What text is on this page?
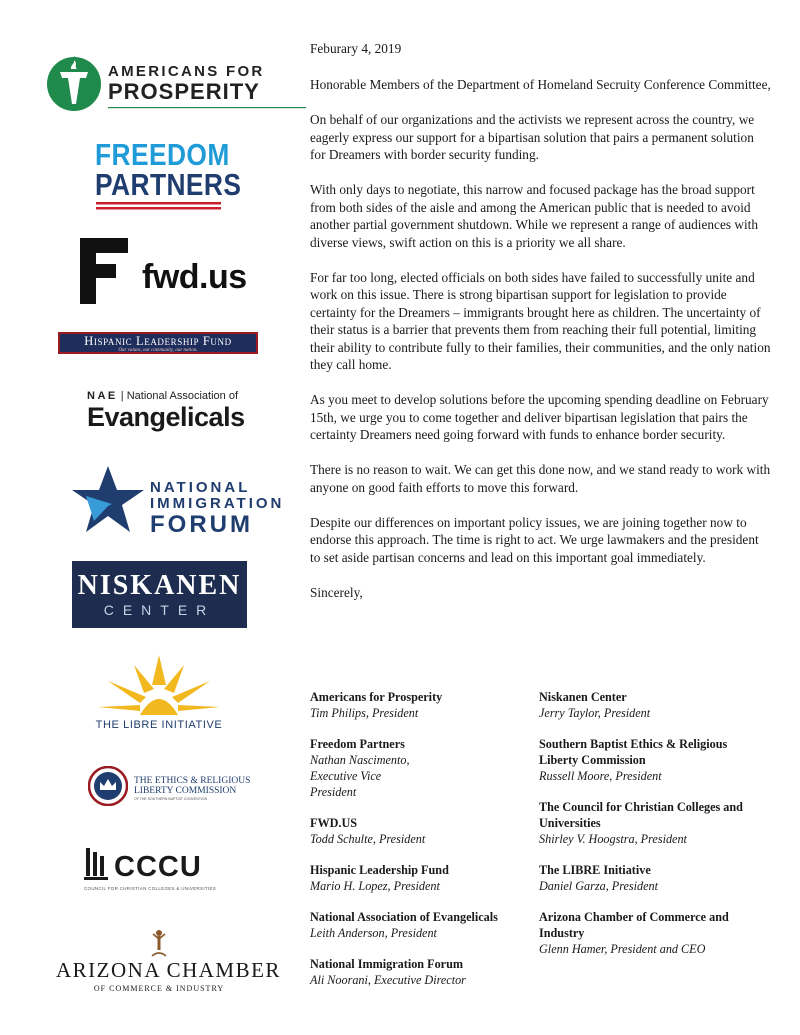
AMERICANS FOR
PROSPERITY
FREEDOM
PARTNERS
fwd.us
Hispanic Leadership Fund
Our values, our community, our nation.
NAE | National Association of
Evangelicals
NATIONAL
IMMIGRATION
FORUM
NISKANEN
CENTER
THE LIBRE INITIATIVE
THE ETHICS & RELIGIOUS
LIBERTY COMMISSION
OF THE SOUTHERN BAPTIST CONVENTION
CCCU
COUNCIL FOR CHRISTIAN COLLEGES & UNIVERSITIES
ARIZONA CHAMBER
OF COMMERCE & INDUSTRY

Feburary 4, 2019

Honorable Members of the Department of Homeland Secruity Conference Committee,

On behalf of our organizations and the activists we represent across the country, we eagerly express our support for a bipartisan solution that pairs a permanent solution for Dreamers with border security funding.

With only days to negotiate, this narrow and focused package has the broad support from both sides of the aisle and among the American public that is needed to avoid another partial government shutdown. While we represent a range of audiences with diverse views, swift action on this is a priority we all share.

For far too long, elected officials on both sides have failed to successfully unite and work on this issue. There is strong bipartisan support for legislation to provide certainty for the Dreamers – immigrants brought here as children. The uncertainty of their status is a barrier that prevents them from reaching their full potential, limiting their ability to contribute fully to their families, their communities, and the only nation they call home.

As you meet to develop solutions before the upcoming spending deadline on February 15th, we urge you to come together and deliver bipartisan legislation that pairs the certainty Dreamers need going forward with funds to enhance border security.

There is no reason to wait. We can get this done now, and we stand ready to work with anyone on good faith efforts to move this forward.

Despite our differences on important policy issues, we are joining together now to endorse this approach. The time is right to act. We urge lawmakers and the president to set aside partisan concerns and lead on this important goal immediately.

Sincerely,

Americans for Prosperity
Tim Philips, President
Freedom Partners
Nathan Nascimento, Executive Vice President
FWD.US
Todd Schulte, President
Hispanic Leadership Fund
Mario H. Lopez, President
National Association of Evangelicals
Leith Anderson, President
National Immigration Forum
Ali Noorani, Executive Director
Niskanen Center
Jerry Taylor, President
Southern Baptist Ethics & Religious Liberty Commission
Russell Moore, President
The Council for Christian Colleges and Universities
Shirley V. Hoogstra, President
The LIBRE Initiative
Daniel Garza, President
Arizona Chamber of Commerce and Industry
Glenn Hamer, President and CEO
